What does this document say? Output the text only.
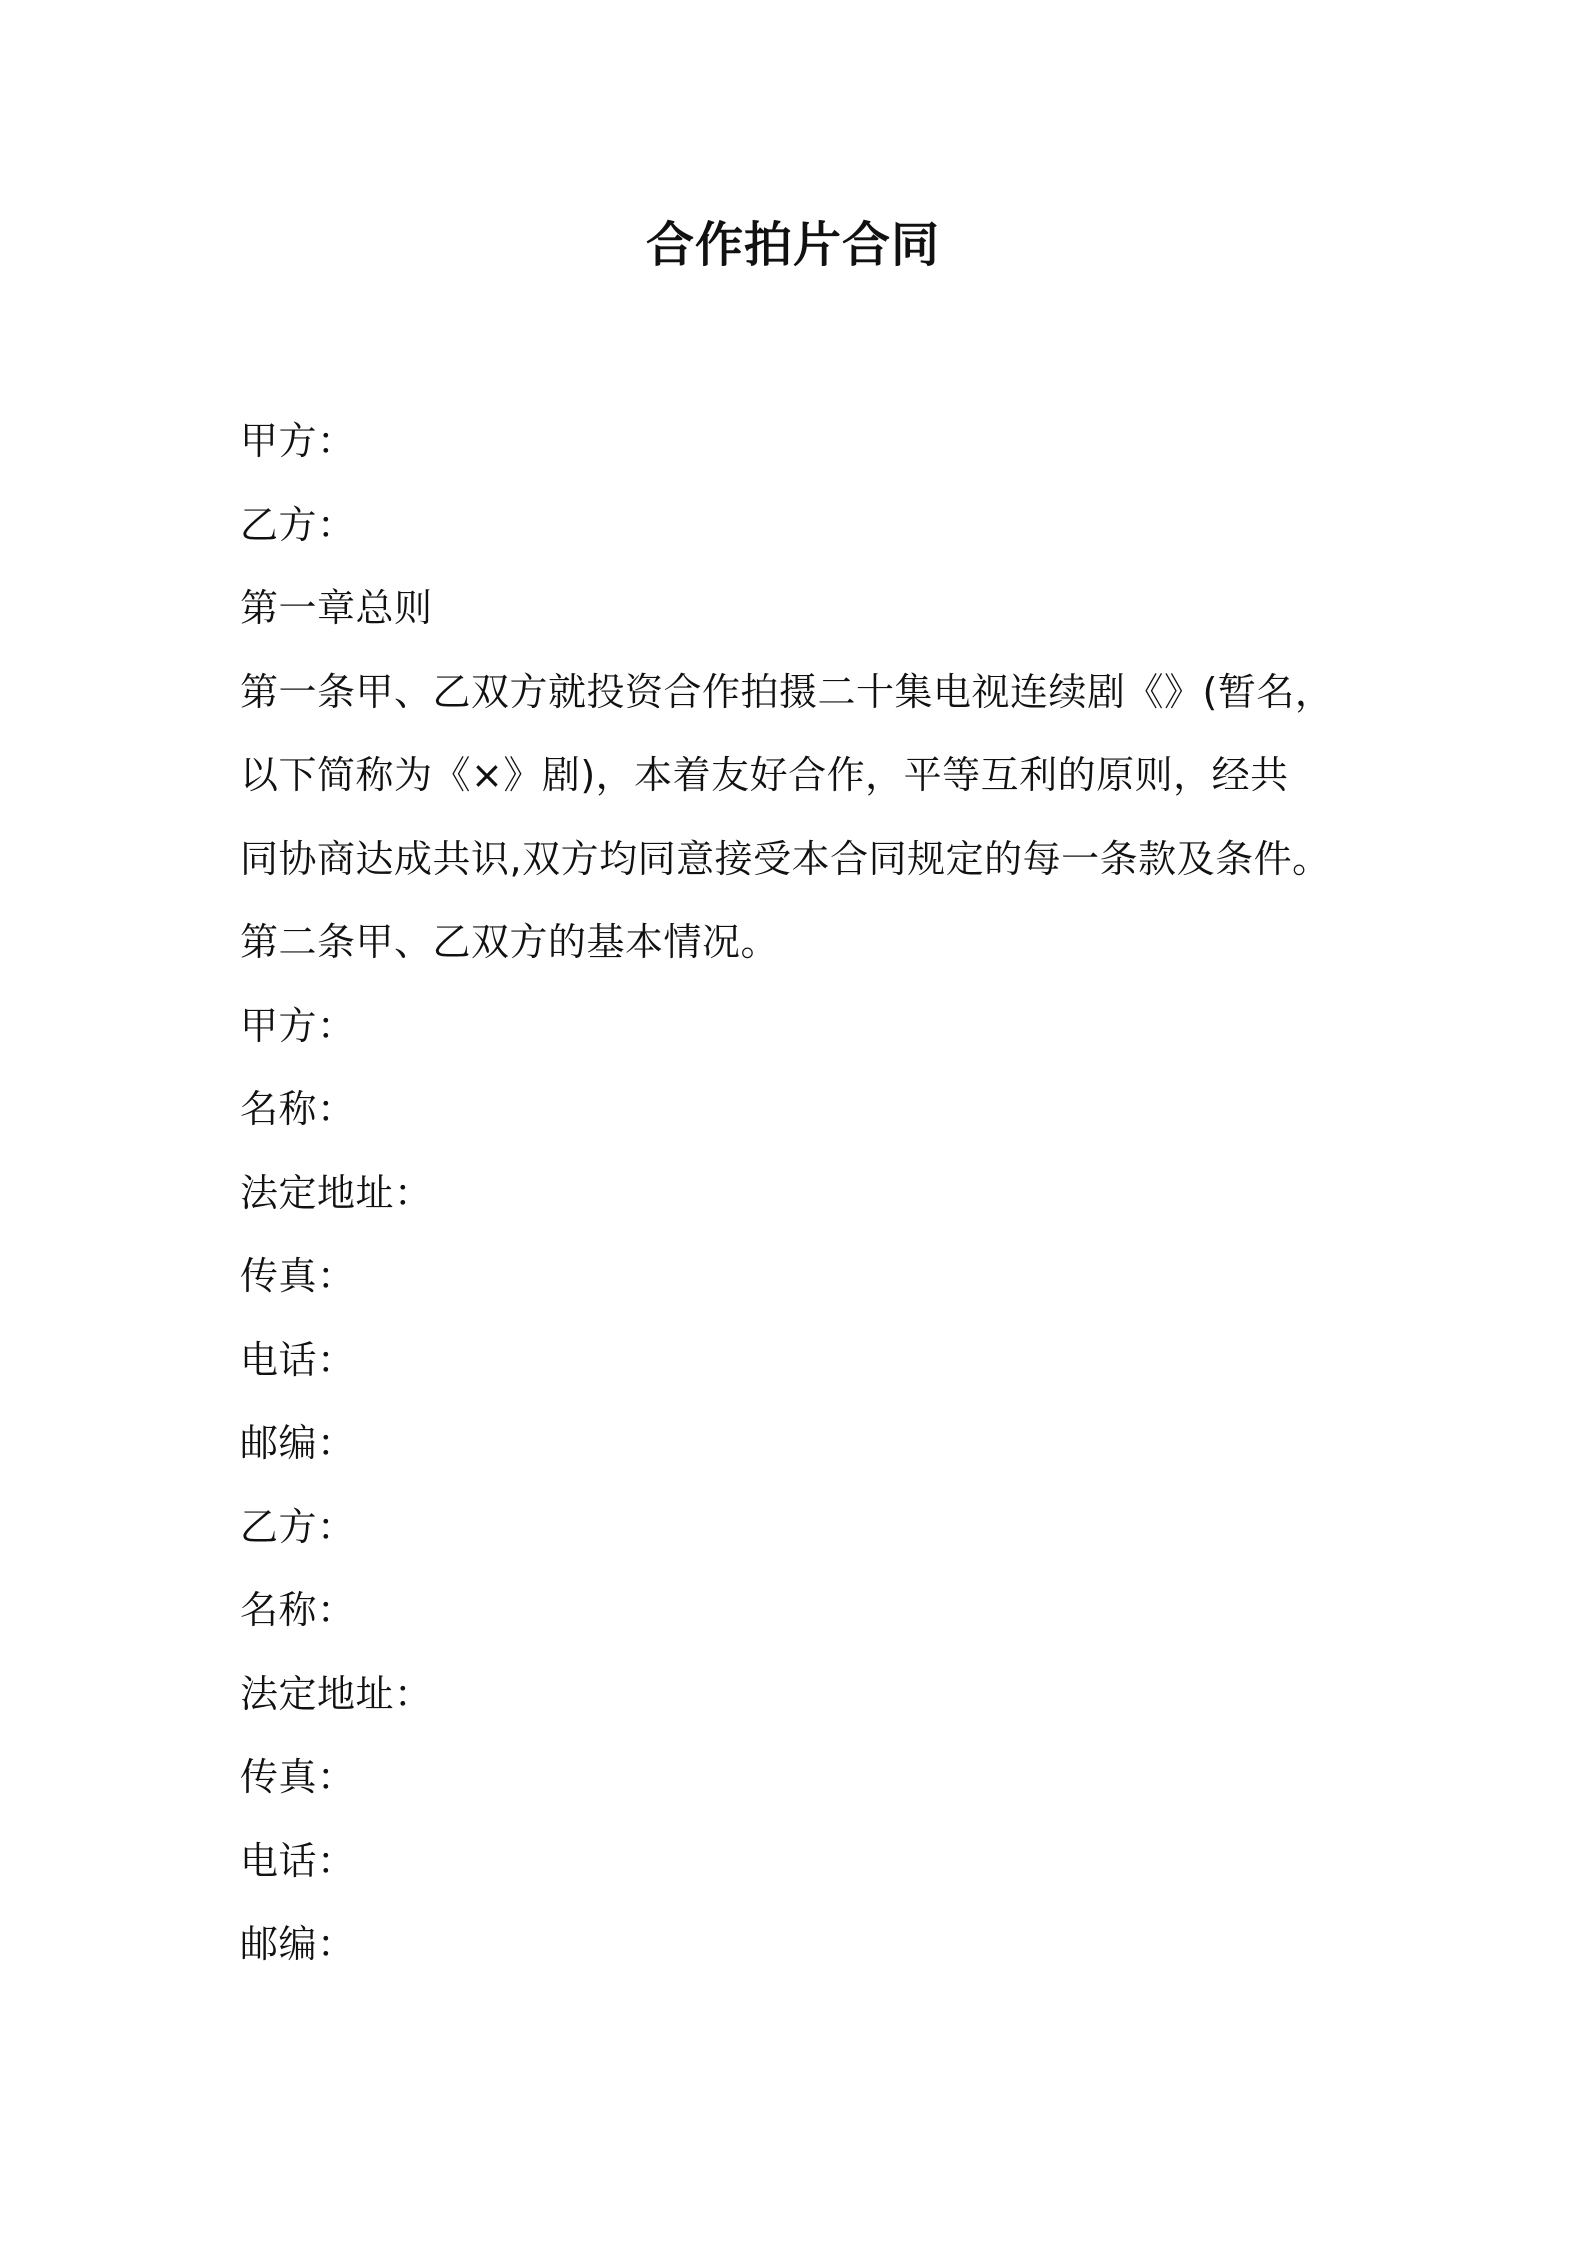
合作拍片合同
甲方：
乙方：
第一章总则
第一条甲、乙双方就投资合作拍摄二十集电视连续剧《》(暂名，
以下简称为《×》剧)，本着友好合作，平等互利的原则，经共
同协商达成共识,双方均同意接受本合同规定的每一条款及条件。
第二条甲、乙双方的基本情况。
甲方：
名称：
法定地址：
传真：
电话：
邮编：
乙方：
名称：
法定地址：
传真：
电话：
邮编：
